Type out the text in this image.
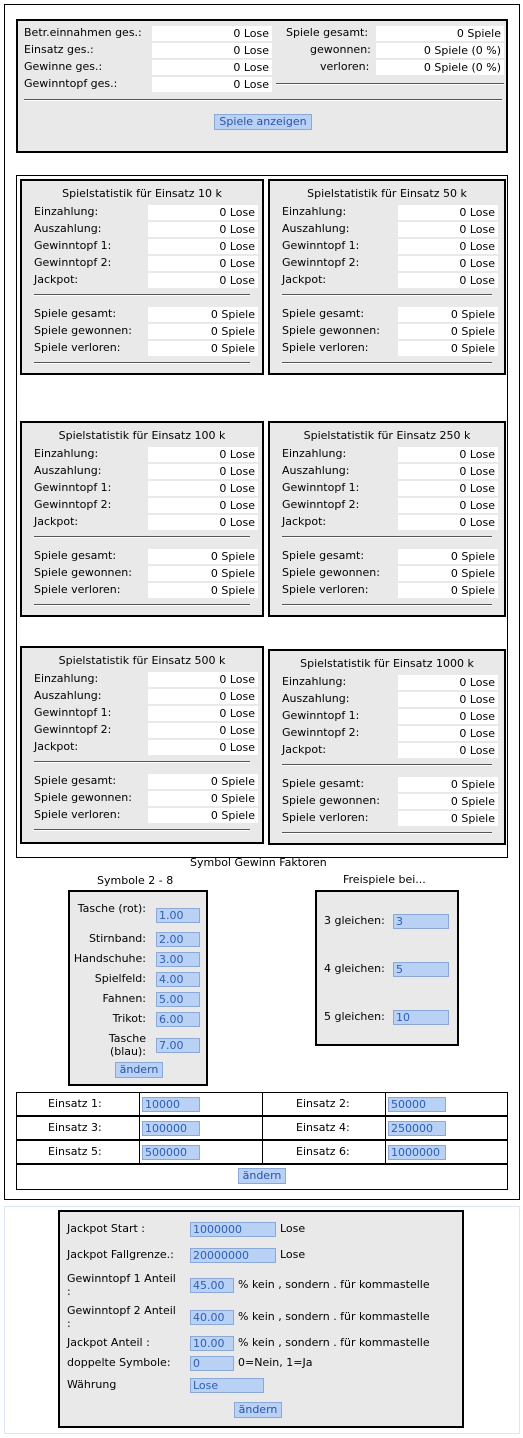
Betr.einnahmen ges.:	0 Lose
Einsatz ges.:	0 Lose
Gewinne ges.:	0 Lose
Gewinntopf ges.:	0 Lose
Spiele gesamt:	0 Spiele
gewonnen:	0 Spiele (0 %)
verloren:	0 Spiele (0 %)
Spiele anzeigen
Spielstatistik für Einsatz 10 k
Einzahlung:	0 Lose
Auszahlung:	0 Lose
Gewinntopf 1:	0 Lose
Gewinntopf 2:	0 Lose
Jackpot:	0 Lose
Spiele gesamt:	0 Spiele
Spiele gewonnen:	0 Spiele
Spiele verloren:	0 Spiele
Spielstatistik für Einsatz 50 k
Einzahlung:	0 Lose
Auszahlung:	0 Lose
Gewinntopf 1:	0 Lose
Gewinntopf 2:	0 Lose
Jackpot:	0 Lose
Spiele gesamt:	0 Spiele
Spiele gewonnen:	0 Spiele
Spiele verloren:	0 Spiele
Spielstatistik für Einsatz 100 k
Einzahlung:	0 Lose
Auszahlung:	0 Lose
Gewinntopf 1:	0 Lose
Gewinntopf 2:	0 Lose
Jackpot:	0 Lose
Spiele gesamt:	0 Spiele
Spiele gewonnen:	0 Spiele
Spiele verloren:	0 Spiele
Spielstatistik für Einsatz 250 k
Einzahlung:	0 Lose
Auszahlung:	0 Lose
Gewinntopf 1:	0 Lose
Gewinntopf 2:	0 Lose
Jackpot:	0 Lose
Spiele gesamt:	0 Spiele
Spiele gewonnen:	0 Spiele
Spiele verloren:	0 Spiele
Spielstatistik für Einsatz 500 k
Einzahlung:	0 Lose
Auszahlung:	0 Lose
Gewinntopf 1:	0 Lose
Gewinntopf 2:	0 Lose
Jackpot:	0 Lose
Spiele gesamt:	0 Spiele
Spiele gewonnen:	0 Spiele
Spiele verloren:	0 Spiele
Spielstatistik für Einsatz 1000 k
Einzahlung:	0 Lose
Auszahlung:	0 Lose
Gewinntopf 1:	0 Lose
Gewinntopf 2:	0 Lose
Jackpot:	0 Lose
Spiele gesamt:	0 Spiele
Spiele gewonnen:	0 Spiele
Spiele verloren:	0 Spiele
Symbol Gewinn Faktoren
Symbole 2 - 8	Freispiele bei...
Tasche (rot):
1.00
Stirnband: 2.00
Handschuhe: 3.00
Spielfeld: 4.00
Fahnen: 5.00
Trikot: 6.00
Tasche (blau): 7.00
ändern
3 gleichen: 3
4 gleichen: 5
5 gleichen: 10
Einsatz 1:	10000	Einsatz 2:	50000
Einsatz 3:	100000	Einsatz 4:	250000
Einsatz 5:	500000	Einsatz 6:	1000000
ändern
Jackpot Start :	1000000	Lose
Jackpot Fallgrenze.: 20000000	Lose
Gewinntopf 1 Anteil :	45.00	% kein , sondern . für kommastelle
Gewinntopf 2 Anteil :	40.00	% kein , sondern . für kommastelle
Jackpot Anteil :	10.00	% kein , sondern . für kommastelle
doppelte Symbole: 0	0=Nein, 1=Ja
Währung	Lose
ändern
